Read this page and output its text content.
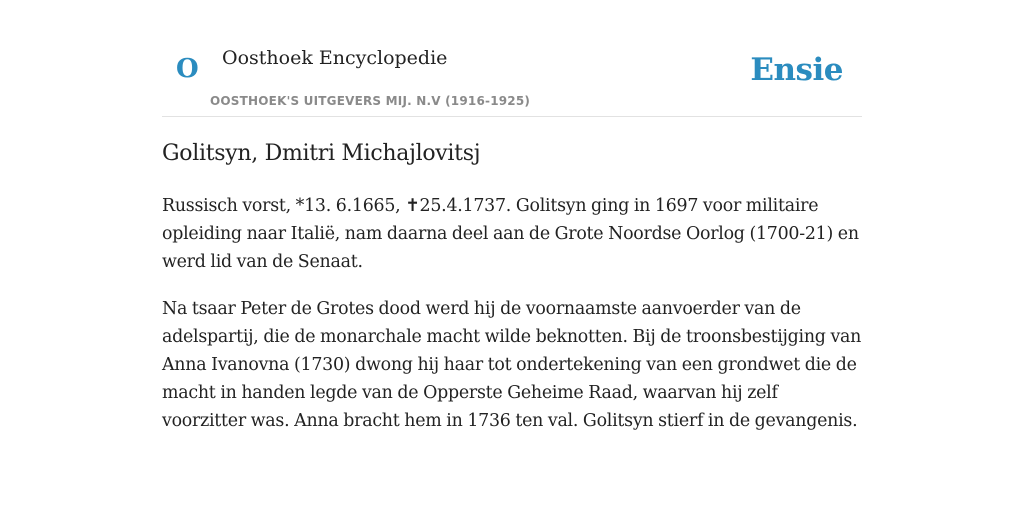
O Oosthoek Encyclopedie
OOSTHOEK'S UITGEVERS MIJ. N.V (1916-1925)
Ensie
Golitsyn, Dmitri Michajlovitsj

Russisch vorst, *13. 6.1665, ✝25.4.1737. Golitsyn ging in 1697 voor militaire opleiding naar Italië, nam daarna deel aan de Grote Noordse Oorlog (1700-21) en werd lid van de Senaat.

Na tsaar Peter de Grotes dood werd hij de voornaamste aanvoerder van de adelspartij, die de monarchale macht wilde beknotten. Bij de troonsbestijging van Anna Ivanovna (1730) dwong hij haar tot ondertekening van een grondwet die de macht in handen legde van de Opperste Geheime Raad, waarvan hij zelf voorzitter was. Anna bracht hem in 1736 ten val. Golitsyn stierf in de gevangenis.
